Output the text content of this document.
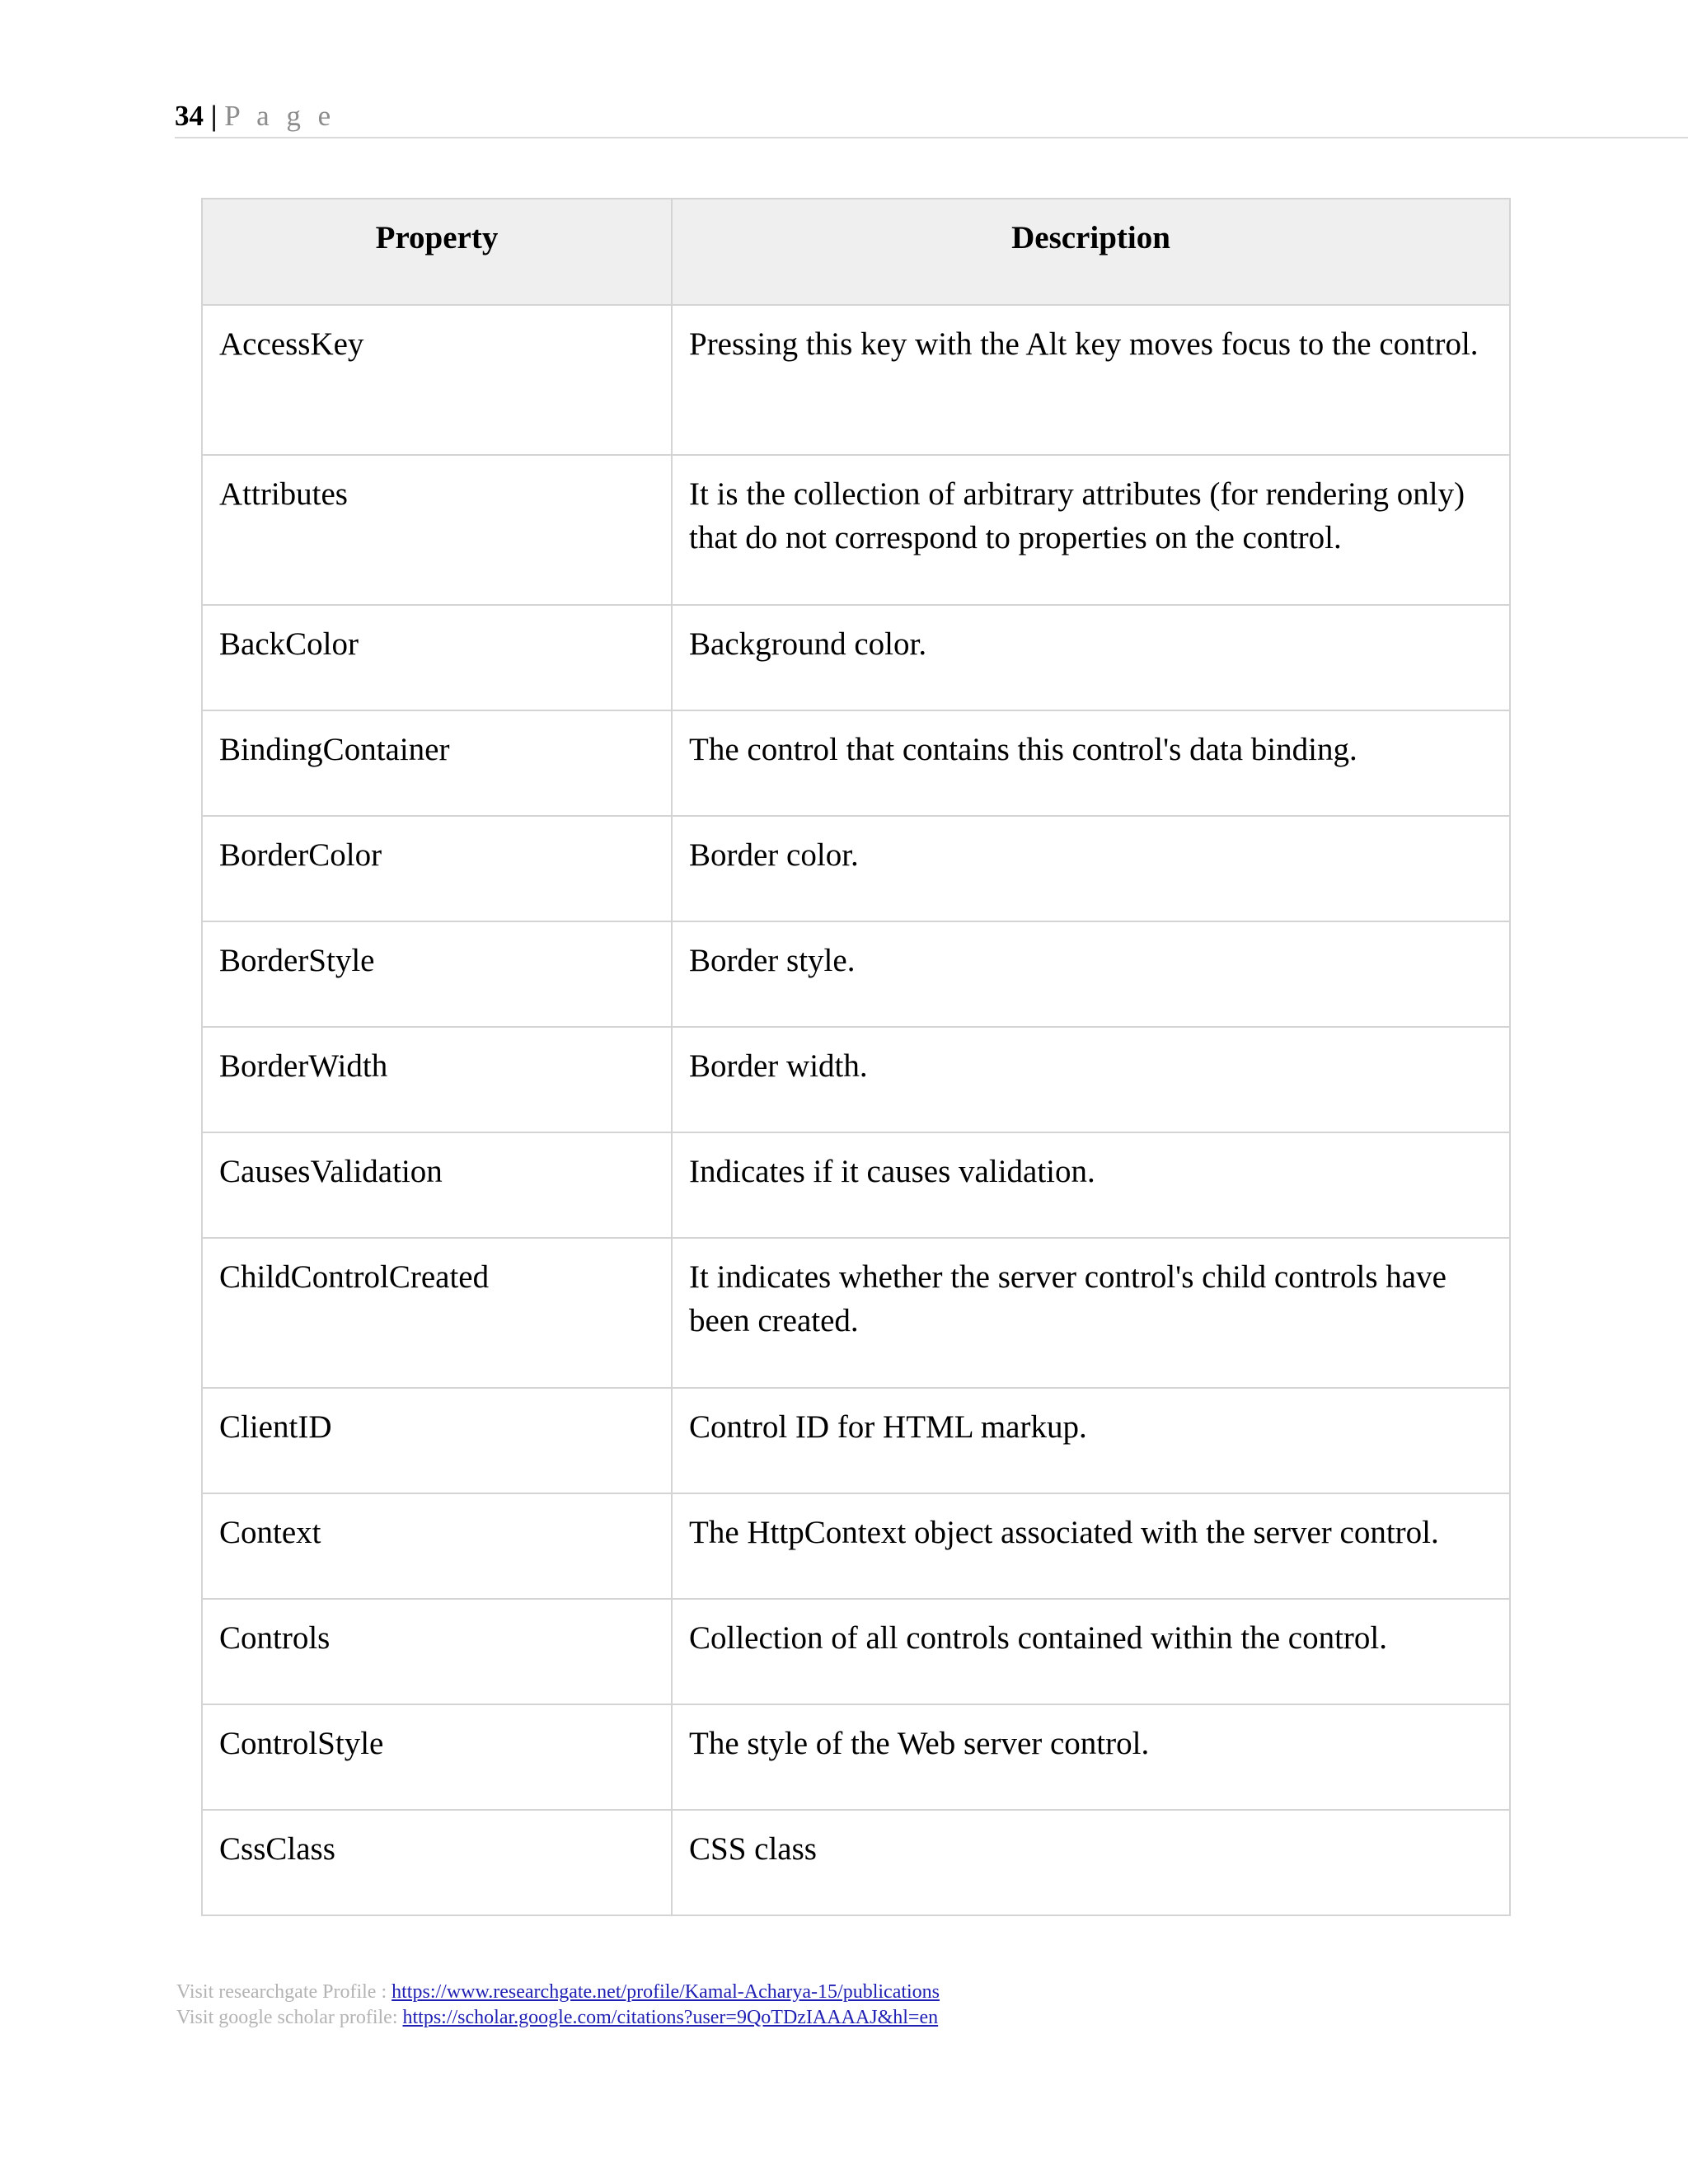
34 | P a g e
Property	Description
AccessKey	Pressing this key with the Alt key moves focus to the control.
Attributes	It is the collection of arbitrary attributes (for rendering only) that do not correspond to properties on the control.
BackColor	Background color.
BindingContainer	The control that contains this control's data binding.
BorderColor	Border color.
BorderStyle	Border style.
BorderWidth	Border width.
CausesValidation	Indicates if it causes validation.
ChildControlCreated	It indicates whether the server control's child controls have been created.
ClientID	Control ID for HTML markup.
Context	The HttpContext object associated with the server control.
Controls	Collection of all controls contained within the control.
ControlStyle	The style of the Web server control.
CssClass	CSS class
Visit researchgate Profile : https://www.researchgate.net/profile/Kamal-Acharya-15/publications
Visit google scholar profile: https://scholar.google.com/citations?user=9QoTDzIAAAAJ&hl=en
